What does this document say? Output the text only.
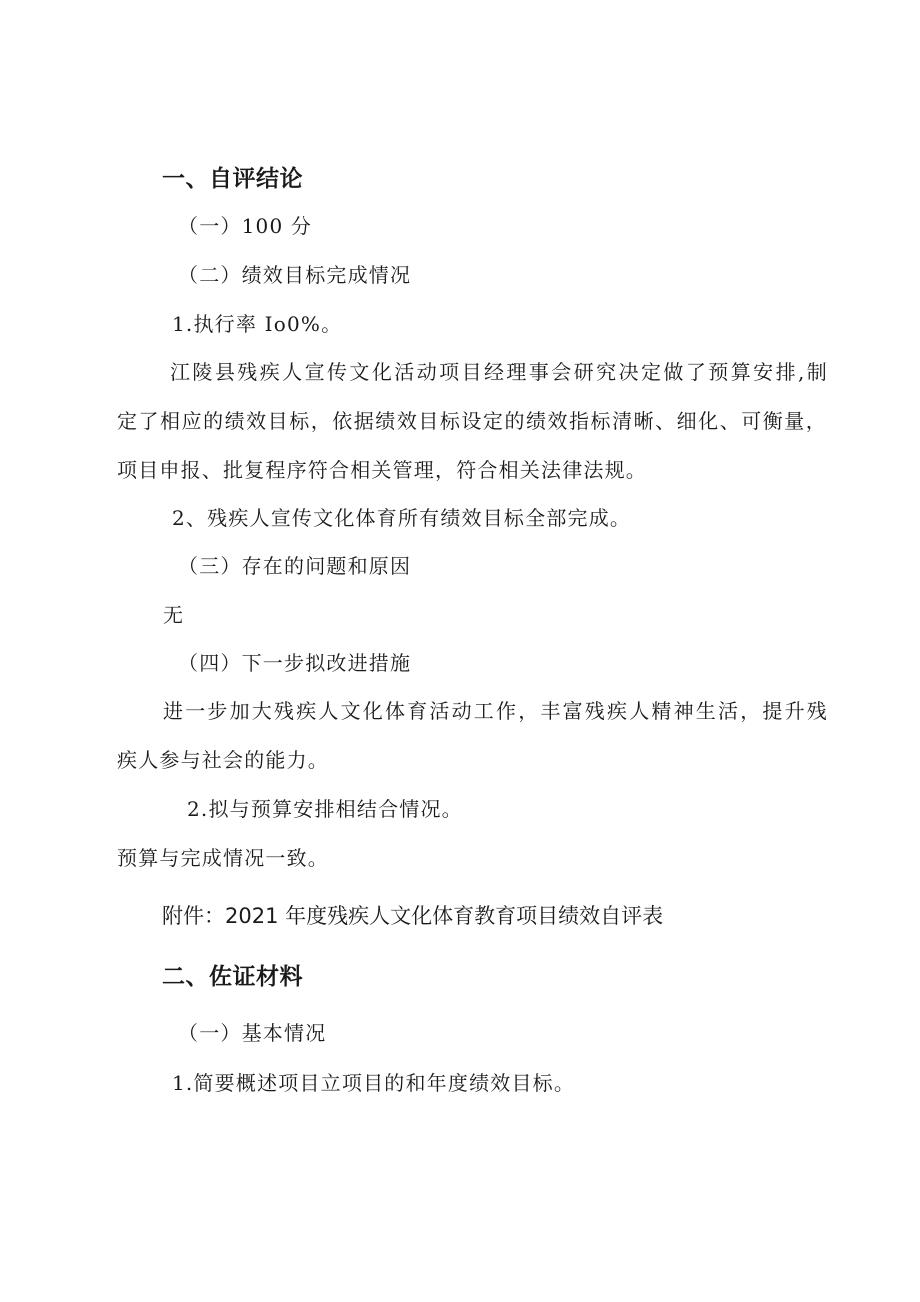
一、自评结论
（一）100 分
（二）绩效目标完成情况
1.执行率 Io0%。
江陵县残疾人宣传文化活动项目经理事会研究决定做了预算安排,制
定了相应的绩效目标，依据绩效目标设定的绩效指标清晰、细化、可衡量，
项目申报、批复程序符合相关管理，符合相关法律法规。
2、残疾人宣传文化体育所有绩效目标全部完成。
（三）存在的问题和原因
无
（四）下一步拟改进措施
进一步加大残疾人文化体育活动工作，丰富残疾人精神生活，提升残
疾人参与社会的能力。
2.拟与预算安排相结合情况。
预算与完成情况一致。
附件：2021 年度残疾人文化体育教育项目绩效自评表
二、佐证材料
（一）基本情况
1.简要概述项目立项目的和年度绩效目标。
